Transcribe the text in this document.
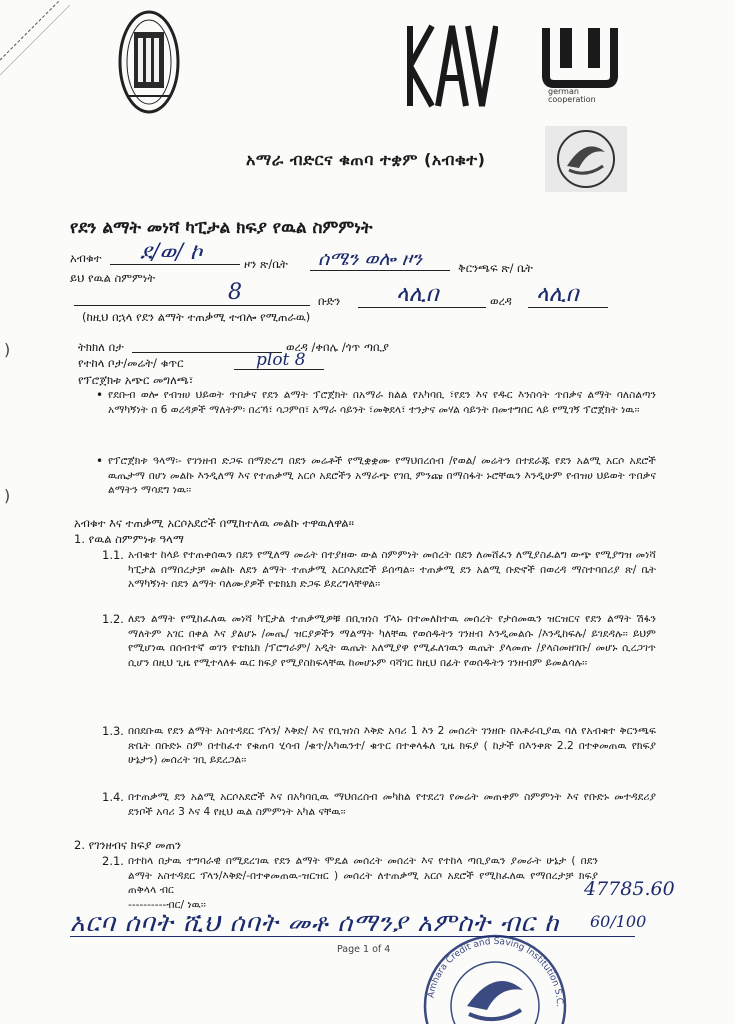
german
cooperation
አማራ ብድርና ቁጠባ ተቋም (አብቁተ)
የደን ልማት መነሻ ካፒታል ክፍያ የዉል ስምምነት
አብቁተ ደ/ወ/ ኮ	ዞን ጽ/ቤት ሰሜን ወሎ ዞን	ቅርንጫፍ ጽ/ ቤት
ይህ የዉል ስምምነት
8	ቡድን	ላሊበ	ወረዳ ላሊበ
(ከዚህ በኋላ የደን ልማት ተጠቃሚ ተብሎ የሚጠራዉ)
ትክክለ በታ	ወረዳ /ቀበሌ /ጎጥ ጣቢያ
የተከላ ቦታ/መሬት/ ቁጥር	plot 8
የፕሮጀክቱ አጭር መግለጫ፣
)
)
• የደቡብ ወሎ የብዝሀ ህይወት ጥበቃና የደን ልማት ፕሮጀክት በአማራ ክልል የአካባቢ ፣የደን እና የዱር እንስሳት ጥበቃና ልማት ባለስልጣን አማካኝነት በ 6 ወረዳዎች ማለትም፡ በረኻ፣ ሳጋምበ፣ አማራ ሳይንት ፣መቅደላ፣ ተንታና መሃል ሳይንት በመተግበር ላይ የሚገኝ ፕሮጀክት ነዉ፡፡
• የፕሮጀክቱ ዓላማ፡- የገንዘብ ድጋፍ በማድረግ በደን መሬቶች የሚቋቋሙ የማህበረሰብ /የወል/ መሬትን በተደራጁ የደን አልሚ አርሶ አደሮች ዉጤታማ በሆነ መልኩ እንዲለማ እና የተጠቃሚ አርሶ አደሮችን አማራጭ የገቢ ምንጩ በማስፋት ኑሮቸዉን እንዲሁም የብዝሀ ህይወት ጥበቃና ልማትን ማሳደግ ነዉ፡፡
አብቁተ እና ተጠቃሚ አርሶአደሮች በሚከተለዉ መልኩ ተዋዉለዋል፡፡
1. የዉል ስምምነቱ ዓላማ
1.1. አብቁተ ከላይ የተጠቀሰዉን በደን የሚለማ መሬት በተያዘው ውል ስምምነት መሰረት በደን ለመሸፈን ለሚያስፈልግ ውጭ የሚያግዝ መነሻ ካፒታል በማበረታቻ መልኩ ለደን ልማት ተጠቃሚ አርሶአደሮች ይሰጣል፡፡ ተጠቃሚ ደን አልሚ ቡድኖች በወረዳ ማስተባበሪያ ጽ/ ቤት አማካኝነት በደን ልማት ባለሙያዎች የቴክኒክ ድጋፍ ይደረግላቸዋል፡፡
1.2. ለደን ልማት የሚከፈለዉ መነሻ ካፒታል ተጠቃሚዎቹ በቢዝነስ ፕላኑ በተመለከተዉ መሰረት የታሰመዉን ዝርዝርና የደን ልማት ሽፋን ማለትም አገር በቀል እና ያልሆኑ /መጤ/ ዝርያዎችን ማልማት ካለቸዉ የወሰዱትን ገንዘብ እንዲመልሱ /እንዲከፍሉ/ ይገደዳሉ፡፡ ይህም የሚሆነዉ በሰብተኛ ወገን የቴክኒክ /ፕሮግራም/ አዲት ዉጤት አለሚያዋ የሚፈለገዉን ዉጤት ያላመጡ /ያላስመዘገቡ/ መሆኑ ሲረጋገጥ ሲሆን በዚህ ጊዜ የሚተላለፉ ዉር ክፍያ የሚያስከፍላቸዉ ከመሆኑም ባሻገር ከዚህ በፊት የወሰዱትን ገንዘብም ይመልሳሉ፡፡
1.3. በበደቡዉ የደን ልማት አስተዳደር ፕላን/ እቅድ/ እና የቢዝነስ እቅድ አባሪ 1 እን 2 መሰረት ገንዘቡ በአቶራቢያዉ ባለ የአብቁተ ቅርንጫፍ ጽቤት በቡድኑ ስም በተከፈተ የቁጠባ ሂሳብ /ቁጥ/አካዉንተ/ ቁጥር በተቀላፋለ ጊዜ ክፍያ ( ከታች በእንቀጽ 2.2 በተቀመጠዉ የክፍያ ሁኔታን) መሰረት ገቢ ይደረጋል፡፡
1.4. በተጠቃሚ ደን አልሚ አርሶአደሮች እና በአካባቢዉ ማህበረሰብ መካከል የተደረገ የመሬት መጠቀም ስምምነት እና የቡድኑ መተዳደሪያ ደንቦች አባሪ 3 እና 4 የዚህ ዉል ስምምነት አካል ናቸዉ፡፡
2. የገንዘብና ክፍያ መጠን
2.1. በተከላ በታዉ ተግባራዊ በሚደረገዉ የደን ልማት ሞዴል መሰረት መሰረት እና የተከላ ጣቢያዉን ያመራት ሁኔታ ( በደን ልማት አስተዳደር ፕላን/እቅድ/-በተቀመጠዉ-ዝርዝር ) መሰረት ለተጠቃሚ አርሶ አደሮች የሚከፈለዉ የማበረታቻ ክፍያ ጠቅላላ ብር	47785.60
----------ብር/ ነዉ፡፡
አርባ ሰባት ሺህ ሰባት መቶ ሰማንያ አምስት ብር ከ 60/100
Page 1 of 4
Amhara Credit and Saving Institution S.C.
